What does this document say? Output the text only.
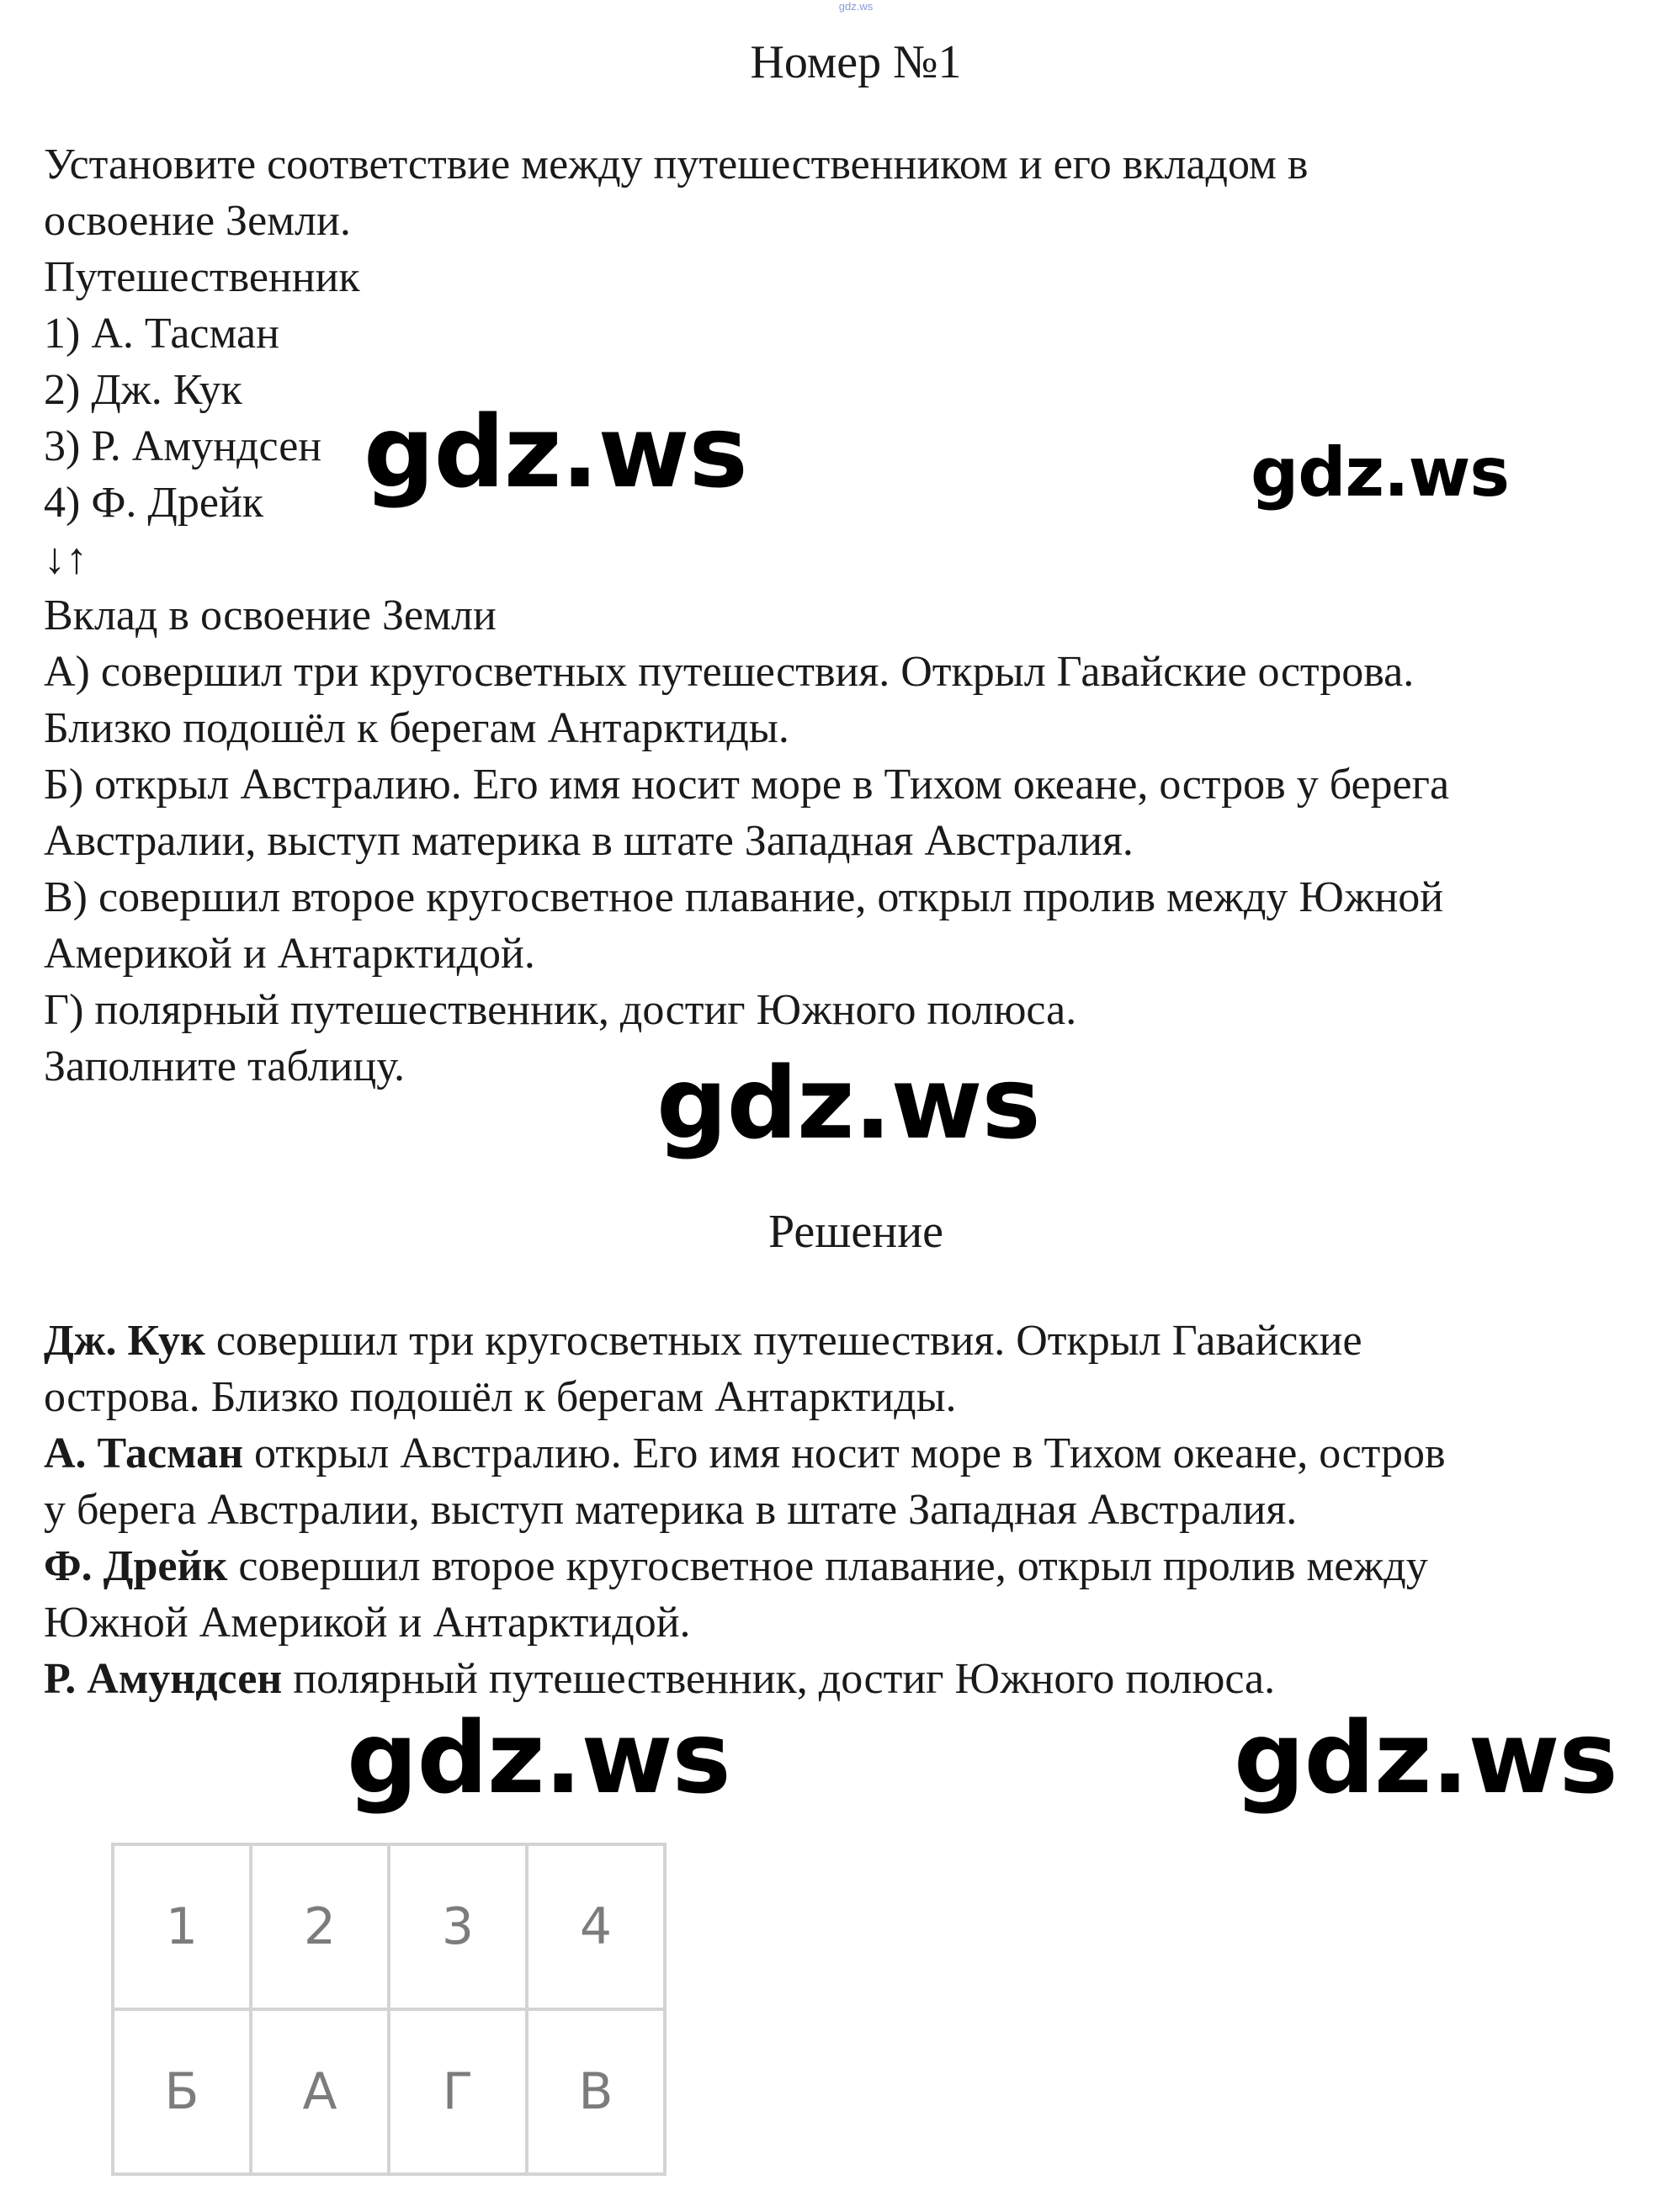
gdz.ws
Номер №1
Установите соответствие между путешественником и его вкладом в
освоение Земли.
Путешественник
1) А. Тасман
2) Дж. Кук
3) Р. Амундсен
4) Ф. Дрейк
↓↑
Вклад в освоение Земли
А) совершил три кругосветных путешествия. Открыл Гавайские острова.
Близко подошёл к берегам Антарктиды.
Б) открыл Австралию. Его имя носит море в Тихом океане, остров у берега
Австралии, выступ материка в штате Западная Австралия.
В) совершил второе кругосветное плавание, открыл пролив между Южной
Америкой и Антарктидой.
Г) полярный путешественник, достиг Южного полюса.
Заполните таблицу.
gdz.ws	gdz.ws
gdz.ws
Решение
Дж. Кук совершил три кругосветных путешествия. Открыл Гавайские
острова. Близко подошёл к берегам Антарктиды.
А. Тасман открыл Австралию. Его имя носит море в Тихом океане, остров
у берега Австралии, выступ материка в штате Западная Австралия.
Ф. Дрейк совершил второе кругосветное плавание, открыл пролив между
Южной Америкой и Антарктидой.
Р. Амундсен полярный путешественник, достиг Южного полюса.
gdz.ws	gdz.ws
1	2	3	4
Б	А	Г	В
